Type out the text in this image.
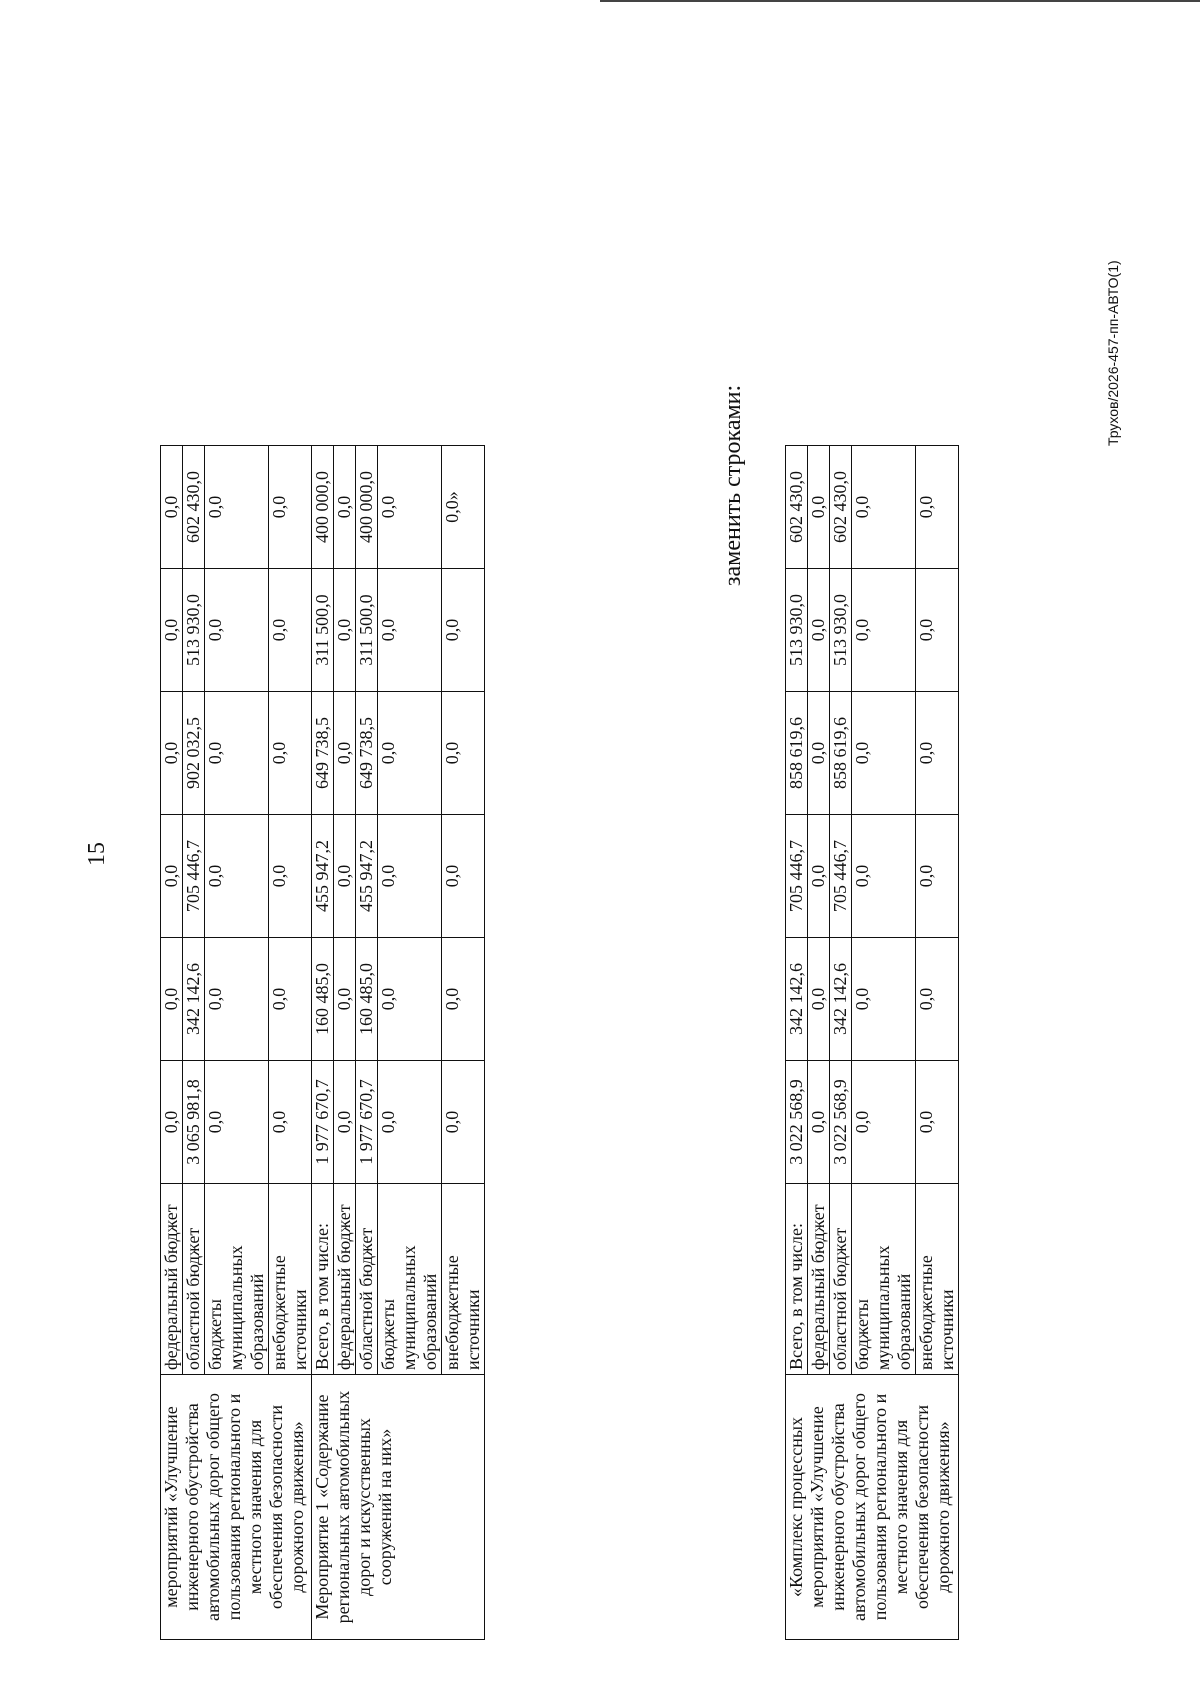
15
мероприятий «Улучшение инженерного обустройства автомобильных дорог общего пользования регионального и местного значения для обеспечения безопасности дорожного движения»	федеральный бюджет	0,0	0,0	0,0	0,0	0,0	0,0
	областной бюджет	3 065 981,8	342 142,6	705 446,7	902 032,5	513 930,0	602 430,0
	бюджеты муниципальных образований	0,0	0,0	0,0	0,0	0,0	0,0
	внебюджетные источники	0,0	0,0	0,0	0,0	0,0	0,0
Мероприятие 1 «Содержание региональных автомобильных дорог и искусственных сооружений на них»	Всего, в том числе:	1 977 670,7	160 485,0	455 947,2	649 738,5	311 500,0	400 000,0
	федеральный бюджет	0,0	0,0	0,0	0,0	0,0	0,0
	областной бюджет	1 977 670,7	160 485,0	455 947,2	649 738,5	311 500,0	400 000,0
	бюджеты муниципальных образований	0,0	0,0	0,0	0,0	0,0	0,0
	внебюджетные источники	0,0	0,0	0,0	0,0	0,0	0,0»	заменить строками:
«Комплекс процессных мероприятий «Улучшение инженерного обустройства автомобильных дорог общего пользования регионального и местного значения для обеспечения безопасности дорожного движения»	Всего, в том числе:	3 022 568,9	342 142,6	705 446,7	858 619,6	513 930,0	602 430,0
	федеральный бюджет	0,0	0,0	0,0	0,0	0,0	0,0
	областной бюджет	3 022 568,9	342 142,6	705 446,7	858 619,6	513 930,0	602 430,0
	бюджеты муниципальных образований	0,0	0,0	0,0	0,0	0,0	0,0
	внебюджетные источники	0,0	0,0	0,0	0,0	0,0	0,0
Трухов/2026-457-пп-АВТО(1)
